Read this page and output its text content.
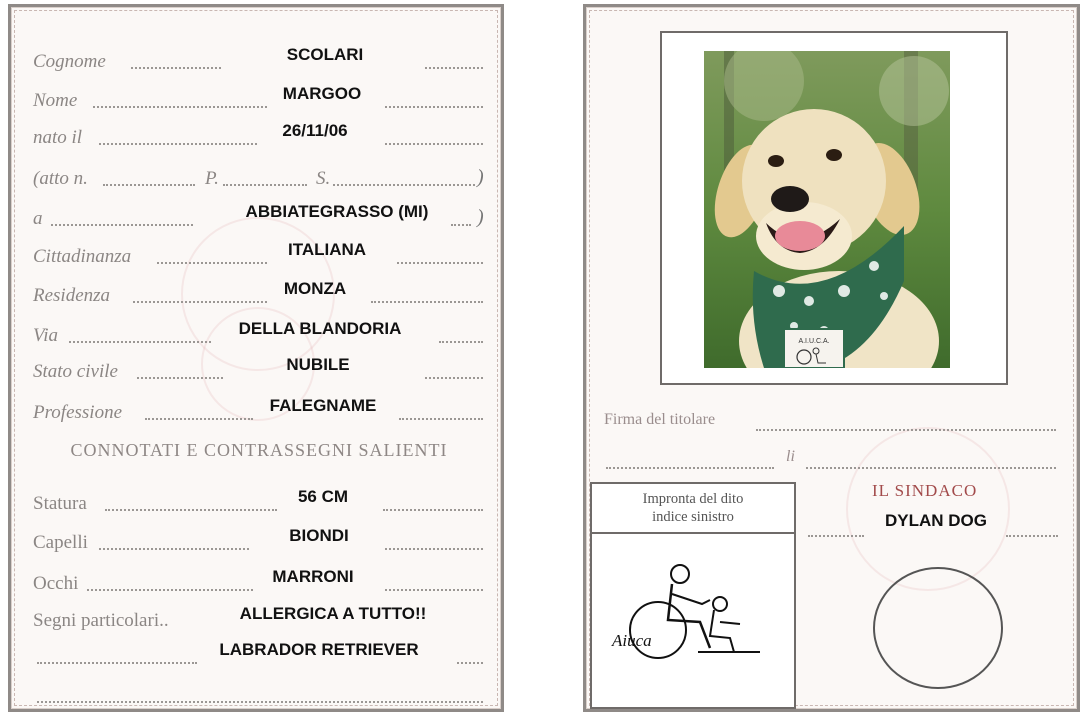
Cognome	SCOLARI
Nome	MARGOO
nato il	26/11/06
(atto n.	P.	S.	)
a	ABBIATEGRASSO (MI) )
Cittadinanza	ITALIANA
Residenza	MONZA
Via	DELLA BLANDORIA
Stato civile	NUBILE
Professione	FALEGNAME
CONNOTATI E CONTRASSEGNI SALIENTI
Statura	56 CM
Capelli	BIONDI
Occhi	MARRONI
Segni particolari..	ALLERGICA A TUTTO!!
LABRADOR RETRIEVER
A.I.U.C.A.
Firma del titolare
li
Impronta del dito
indice sinistro
Aiuca
IL SINDACO
DYLAN DOG
